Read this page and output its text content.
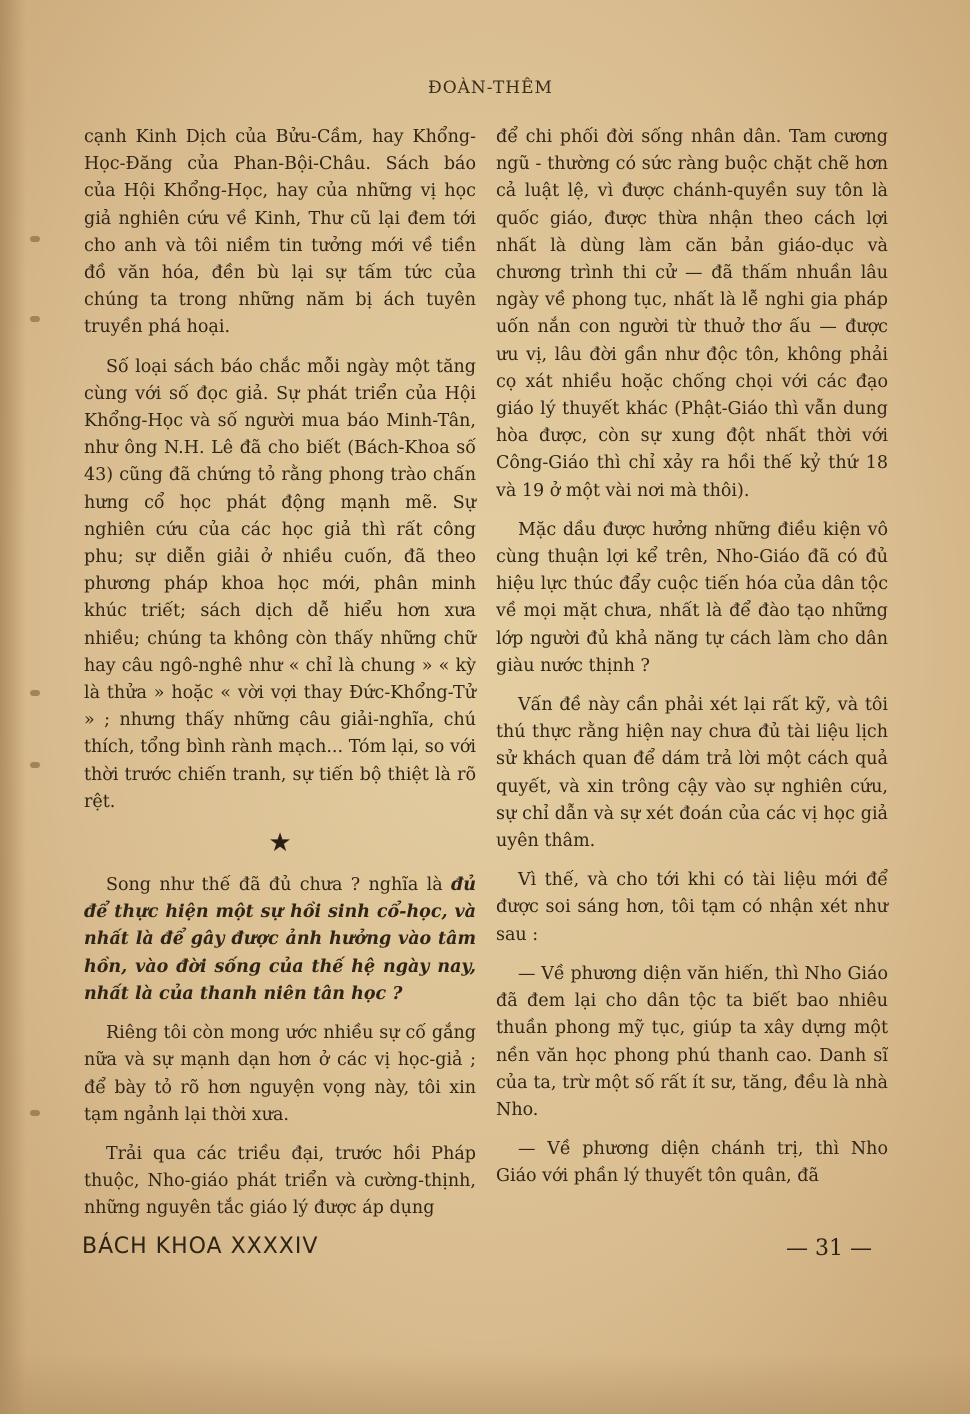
ĐOÀN-THÊM

cạnh Kinh Dịch của Bửu-Cầm, hay Khổng-Học-Đăng của Phan-Bội-Châu. Sách báo của Hội Khổng-Học, hay của những vị học giả nghiên cứu về Kinh, Thư cũ lại đem tới cho anh và tôi niềm tin tưởng mới về tiền đồ văn hóa, đền bù lại sự tấm tức của chúng ta trong những năm bị ách tuyên truyền phá hoại.

Số loại sách báo chắc mỗi ngày một tăng cùng với số đọc giả. Sự phát triển của Hội Khổng-Học và số người mua báo Minh-Tân, như ông N.H. Lê đã cho biết (Bách-Khoa số 43) cũng đã chứng tỏ rằng phong trào chấn hưng cổ học phát động mạnh mẽ. Sự nghiên cứu của các học giả thì rất công phu; sự diễn giải ở nhiều cuốn, đã theo phương pháp khoa học mới, phân minh khúc triết; sách dịch dễ hiểu hơn xưa nhiều; chúng ta không còn thấy những chữ hay câu ngô-nghê như « chỉ là chung » « kỳ là thửa » hoặc « vời vợi thay Đức-Khổng-Tử » ; nhưng thấy những câu giải-nghĩa, chú thích, tổng bình rành mạch... Tóm lại, so với thời trước chiến tranh, sự tiến bộ thiệt là rõ rệt.

★

Song như thế đã đủ chưa ? nghĩa là đủ để thực hiện một sự hồi sinh cổ-học, và nhất là để gây được ảnh hưởng vào tâm hồn, vào đời sống của thế hệ ngày nay, nhất là của thanh niên tân học ?

Riêng tôi còn mong ước nhiều sự cố gắng nữa và sự mạnh dạn hơn ở các vị học-giả ; để bày tỏ rõ hơn nguyện vọng này, tôi xin tạm ngảnh lại thời xưa.

Trải qua các triều đại, trước hồi Pháp thuộc, Nho-giáo phát triển và cường-thịnh, những nguyên tắc giáo lý được áp dụng

để chi phối đời sống nhân dân. Tam cương ngũ - thường có sức ràng buộc chặt chẽ hơn cả luật lệ, vì được chánh-quyền suy tôn là quốc giáo, được thừa nhận theo cách lợi nhất là dùng làm căn bản giáo-dục và chương trình thi cử — đã thấm nhuần lâu ngày về phong tục, nhất là lễ nghi gia pháp uốn nắn con người từ thuở thơ ấu — được ưu vị, lâu đời gần như độc tôn, không phải cọ xát nhiều hoặc chống chọi với các đạo giáo lý thuyết khác (Phật-Giáo thì vẫn dung hòa được, còn sự xung đột nhất thời với Công-Giáo thì chỉ xảy ra hồi thế kỷ thứ 18 và 19 ở một vài nơi mà thôi).

Mặc dầu được hưởng những điều kiện vô cùng thuận lợi kể trên, Nho-Giáo đã có đủ hiệu lực thúc đẩy cuộc tiến hóa của dân tộc về mọi mặt chưa, nhất là để đào tạo những lớp người đủ khả năng tự cách làm cho dân giàu nước thịnh ?

Vấn đề này cần phải xét lại rất kỹ, và tôi thú thực rằng hiện nay chưa đủ tài liệu lịch sử khách quan để dám trả lời một cách quả quyết, và xin trông cậy vào sự nghiên cứu, sự chỉ dẫn và sự xét đoán của các vị học giả uyên thâm.

Vì thế, và cho tới khi có tài liệu mới để được soi sáng hơn, tôi tạm có nhận xét như sau :

— Về phương diện văn hiến, thì Nho Giáo đã đem lại cho dân tộc ta biết bao nhiêu thuần phong mỹ tục, giúp ta xây dựng một nền văn học phong phú thanh cao. Danh sĩ của ta, trừ một số rất ít sư, tăng, đều là nhà Nho.

— Về phương diện chánh trị, thì Nho Giáo với phần lý thuyết tôn quân, đã

BÁCH KHOA XXXXIV	— 31 —
